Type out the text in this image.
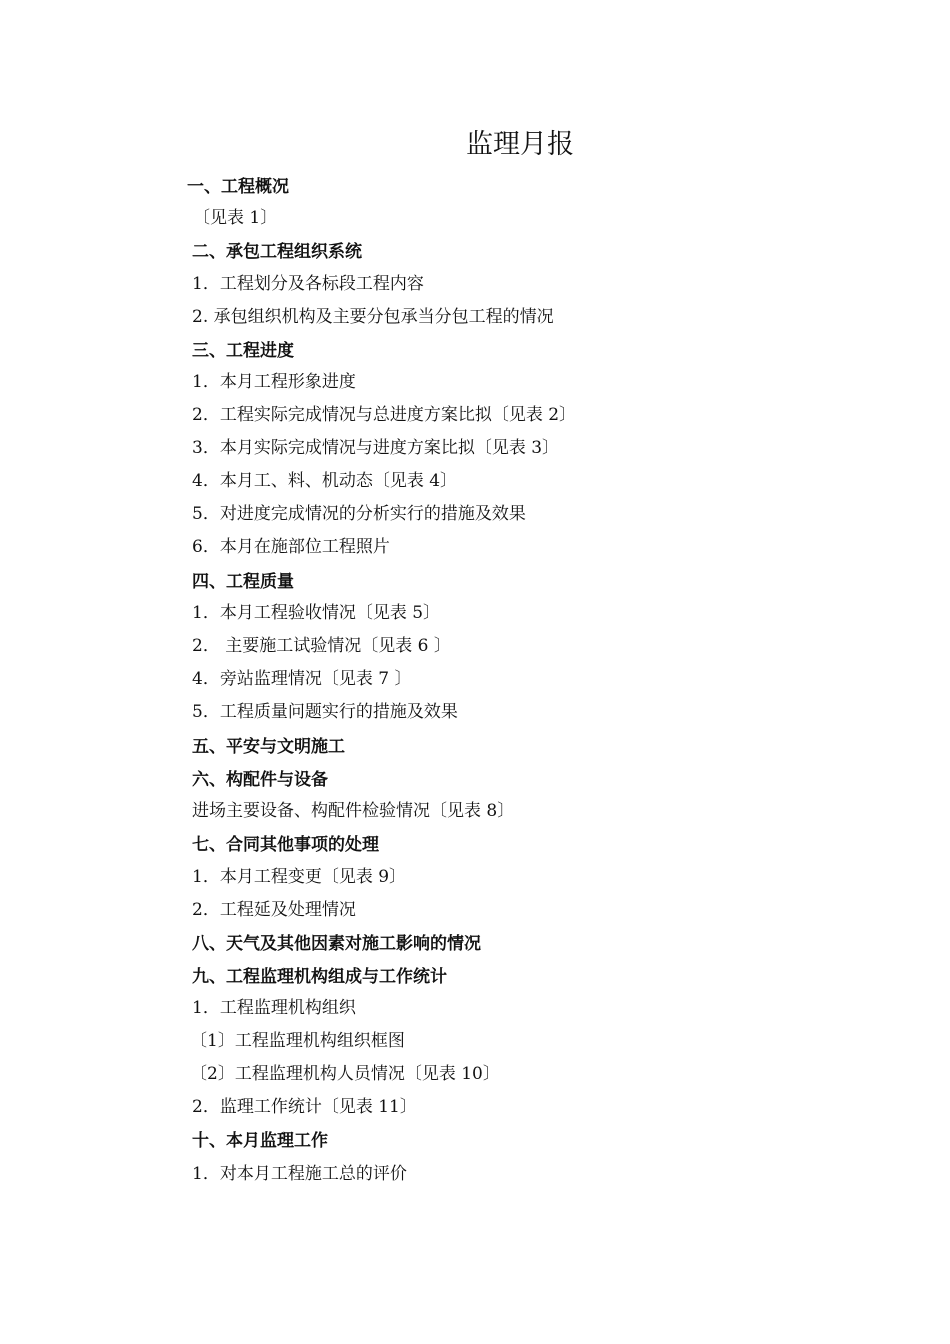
监理月报
一、工程概况
〔见表 1〕
二、承包工程组织系统
1．工程划分及各标段工程内容
2. 承包组织机构及主要分包承当分包工程的情况
三、工程进度
1．本月工程形象进度
2．工程实际完成情况与总进度方案比拟〔见表 2〕
3．本月实际完成情况与进度方案比拟〔见表 3〕
4．本月工、料、机动态〔见表 4〕
5．对进度完成情况的分析实行的措施及效果
6．本月在施部位工程照片
四、工程质量
1．本月工程验收情况〔见表 5〕
2． 主要施工试验情况〔见表 6 〕
4．旁站监理情况〔见表 7 〕
5．工程质量问题实行的措施及效果
五、平安与文明施工
六、构配件与设备
进场主要设备、构配件检验情况〔见表 8〕
七、合同其他事项的处理
1．本月工程变更〔见表 9〕
2．工程延及处理情况
八、天气及其他因素对施工影响的情况
九、工程监理机构组成与工作统计
1．工程监理机构组织
〔1〕工程监理机构组织框图
〔2〕工程监理机构人员情况〔见表 10〕
2．监理工作统计〔见表 11〕
十、本月监理工作
1．对本月工程施工总的评价
